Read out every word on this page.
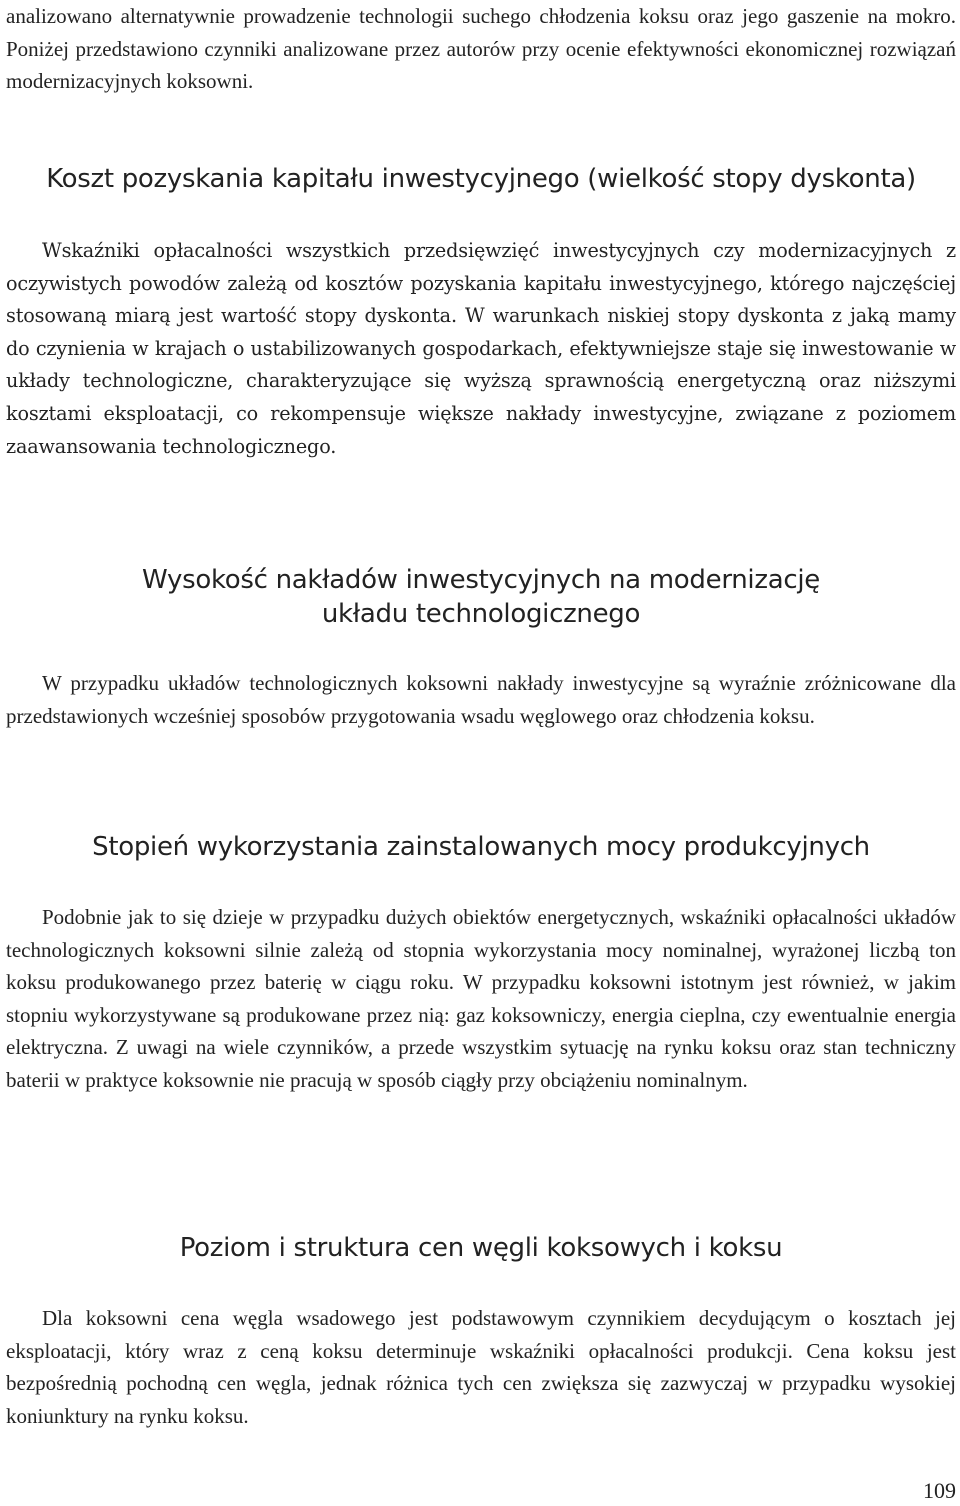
analizowano alternatywnie prowadzenie technologii suchego chłodzenia koksu oraz jego gaszenie na mokro. Poniżej przedstawiono czynniki analizowane przez autorów przy ocenie efektywności ekonomicznej rozwiązań modernizacyjnych koksowni.

Koszt pozyskania kapitału inwestycyjnego (wielkość stopy dyskonta)

Wskaźniki opłacalności wszystkich przedsięwzięć inwestycyjnych czy modernizacyjnych z oczywistych powodów zależą od kosztów pozyskania kapitału inwestycyjnego, którego najczęściej stosowaną miarą jest wartość stopy dyskonta. W warunkach niskiej stopy dyskonta z jaką mamy do czynienia w krajach o ustabilizowanych gospodarkach, efektywniejsze staje się inwestowanie w układy technologiczne, charakteryzujące się wyższą sprawnością energetyczną oraz niższymi kosztami eksploatacji, co rekompensuje większe nakłady inwestycyjne, związane z poziomem zaawansowania technologicznego.

Wysokość nakładów inwestycyjnych na modernizację układu technologicznego

W przypadku układów technologicznych koksowni nakłady inwestycyjne są wyraźnie zróżnicowane dla przedstawionych wcześniej sposobów przygotowania wsadu węglowego oraz chłodzenia koksu.

Stopień wykorzystania zainstalowanych mocy produkcyjnych

Podobnie jak to się dzieje w przypadku dużych obiektów energetycznych, wskaźniki opłacalności układów technologicznych koksowni silnie zależą od stopnia wykorzystania mocy nominalnej, wyrażonej liczbą ton koksu produkowanego przez baterię w ciągu roku. W przypadku koksowni istotnym jest również, w jakim stopniu wykorzystywane są produkowane przez nią: gaz koksowniczy, energia cieplna, czy ewentualnie energia elektryczna. Z uwagi na wiele czynników, a przede wszystkim sytuację na rynku koksu oraz stan techniczny baterii w praktyce koksownie nie pracują w sposób ciągły przy obciążeniu nominalnym.

Poziom i struktura cen węgli koksowych i koksu

Dla koksowni cena węgla wsadowego jest podstawowym czynnikiem decydującym o kosztach jej eksploatacji, który wraz z ceną koksu determinuje wskaźniki opłacalności produkcji. Cena koksu jest bezpośrednią pochodną cen węgla, jednak różnica tych cen zwiększa się zazwyczaj w przypadku wysokiej koniunktury na rynku koksu.

109
